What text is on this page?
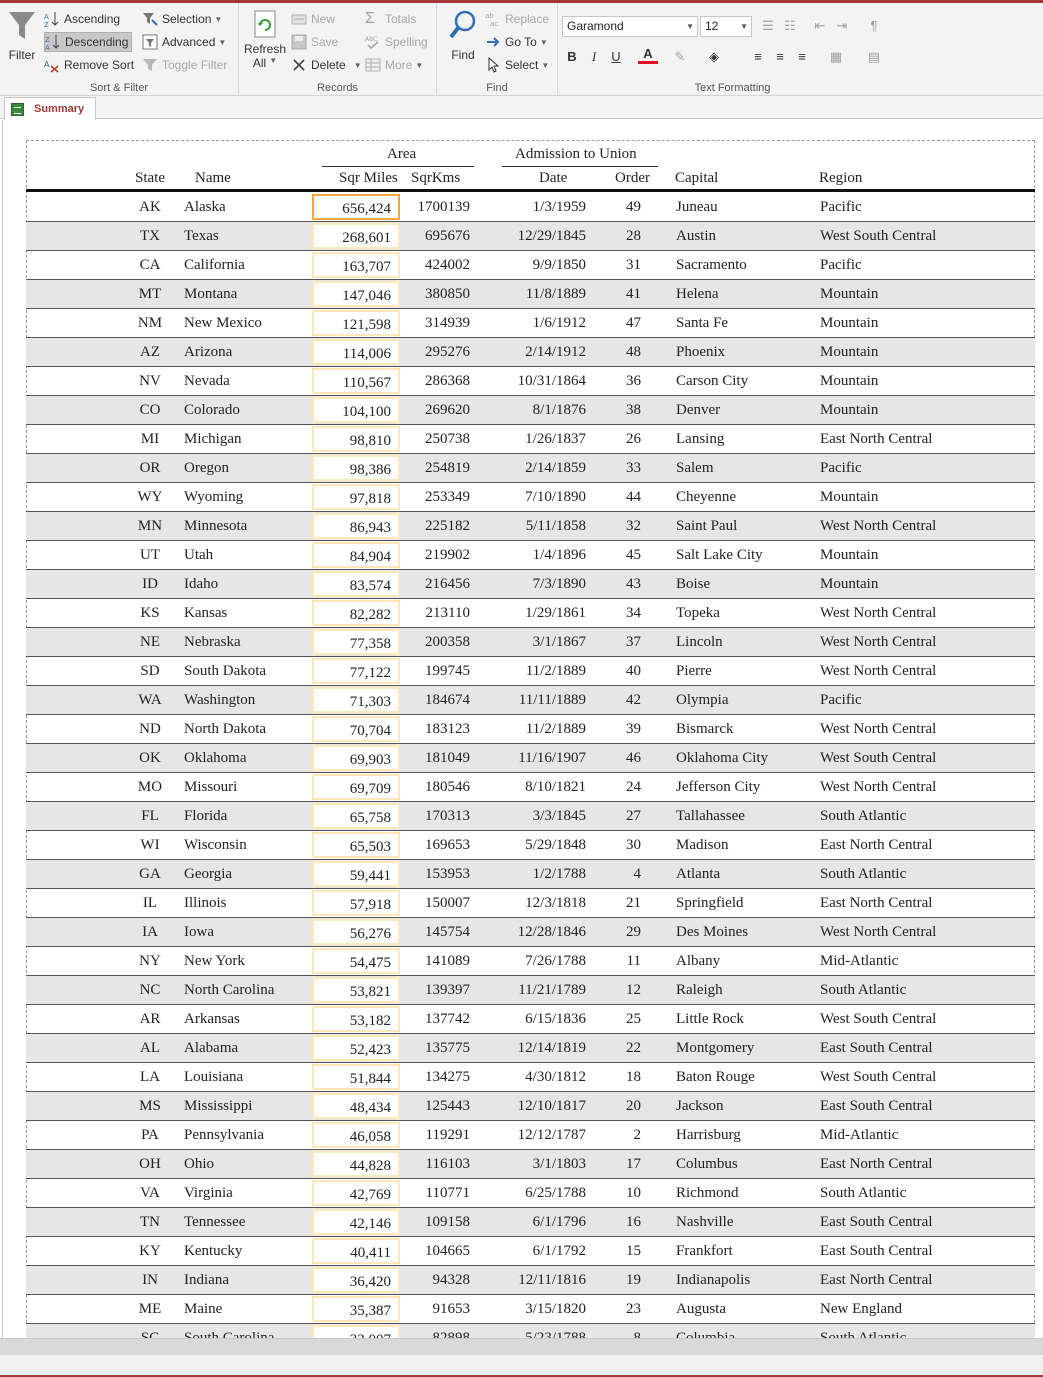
Filter
A
Z Ascending
Z
A Descending
A Remove Sort
Selection ▼
Advanced ▼
Toggle Filter
Sort & Filter
Refresh
All ▼
New
Save
Delete ▼
Σ Totals
ABC Spelling
More ▼
Records
Find
ab
ac Replace
Go To ▼
Select ▼
Find
Garamond	▼ 12	▼	☰ ☷	⇤ ⇥	¶
B	I	U	A	✎	◈	≡	≡	≡	▦ ▤
Text Formatting
Summary
Area	Admission to Union
State Name	Sqr Miles SqrKms	Date	Order Capital	Region
AK	Alaska	656,424	1700139	1/3/1959	49 Juneau	Pacific
TX	Texas	268,601	695676	12/29/1845	28 Austin	West South Central
CA	California	163,707	424002	9/9/1850	31 Sacramento	Pacific
MT	Montana	147,046	380850	11/8/1889	41 Helena	Mountain
NM	New Mexico	121,598	314939	1/6/1912	47 Santa Fe	Mountain
AZ	Arizona	114,006	295276	2/14/1912	48 Phoenix	Mountain
NV	Nevada	110,567	286368	10/31/1864	36 Carson City	Mountain
CO	Colorado	104,100	269620	8/1/1876	38 Denver	Mountain
MI	Michigan	98,810	250738	1/26/1837	26 Lansing	East North Central
OR	Oregon	98,386	254819	2/14/1859	33 Salem	Pacific
WY	Wyoming	97,818	253349	7/10/1890	44 Cheyenne	Mountain
MN	Minnesota	86,943	225182	5/11/1858	32 Saint Paul	West North Central
UT	Utah	84,904	219902	1/4/1896	45 Salt Lake City	Mountain
ID	Idaho	83,574	216456	7/3/1890	43 Boise	Mountain
KS	Kansas	82,282	213110	1/29/1861	34 Topeka	West North Central
NE	Nebraska	77,358	200358	3/1/1867	37 Lincoln	West North Central
SD	South Dakota	77,122	199745	11/2/1889	40 Pierre	West North Central
WA	Washington	71,303	184674	11/11/1889	42 Olympia	Pacific
ND	North Dakota	70,704	183123	11/2/1889	39 Bismarck	West North Central
OK	Oklahoma	69,903	181049	11/16/1907	46 Oklahoma City	West South Central
MO	Missouri	69,709	180546	8/10/1821	24 Jefferson City	West North Central
FL	Florida	65,758	170313	3/3/1845	27 Tallahassee	South Atlantic
WI	Wisconsin	65,503	169653	5/29/1848	30 Madison	East North Central
GA	Georgia	59,441	153953	1/2/1788	4 Atlanta	South Atlantic
IL	Illinois	57,918	150007	12/3/1818	21 Springfield	East North Central
IA	Iowa	56,276	145754	12/28/1846	29 Des Moines	West North Central
NY	New York	54,475	141089	7/26/1788	11 Albany	Mid-Atlantic
NC	North Carolina	53,821	139397	11/21/1789	12 Raleigh	South Atlantic
AR	Arkansas	53,182	137742	6/15/1836	25 Little Rock	West South Central
AL	Alabama	52,423	135775	12/14/1819	22 Montgomery	East South Central
LA	Louisiana	51,844	134275	4/30/1812	18 Baton Rouge	West South Central
MS	Mississippi	48,434	125443	12/10/1817	20 Jackson	East South Central
PA	Pennsylvania	46,058	119291	12/12/1787	2 Harrisburg	Mid-Atlantic
OH	Ohio	44,828	116103	3/1/1803	17 Columbus	East North Central
VA	Virginia	42,769	110771	6/25/1788	10 Richmond	South Atlantic
TN	Tennessee	42,146	109158	6/1/1796	16 Nashville	East South Central
KY	Kentucky	40,411	104665	6/1/1792	15 Frankfort	East South Central
IN	Indiana	36,420	94328	12/11/1816	19 Indianapolis	East North Central
ME	Maine	35,387	91653	3/15/1820	23 Augusta	New England
